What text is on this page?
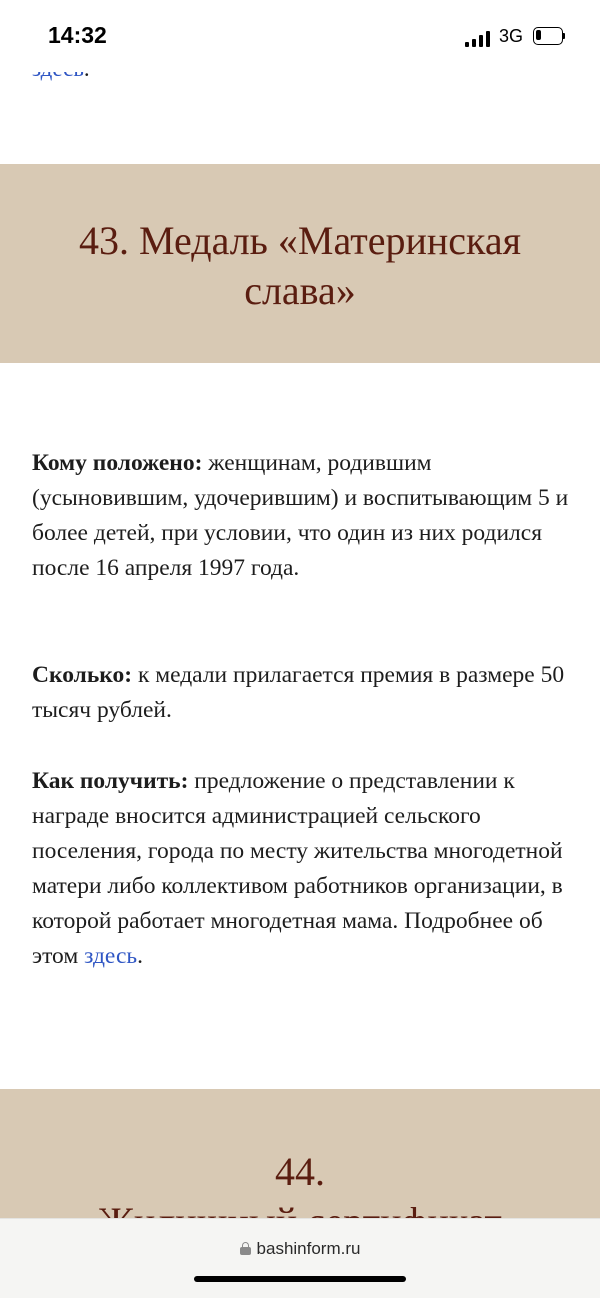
14:32	3G
43. Медаль «Материнская
слава»
Кому положено: женщинам, родившим (усыновившим, удочерившим) и воспитывающим 5 и более детей, при условии, что один из них родился после 16 апреля 1997 года.
Сколько: к медали прилагается премия в размере 50 тысяч рублей.
Как получить: предложение о представлении к награде вносится администрацией сельского поселения, города по месту жительства многодетной матери либо коллективом работников организации, в которой работает многодетная мама. Подробнее об этом здесь.
44.
bashinform.ru
